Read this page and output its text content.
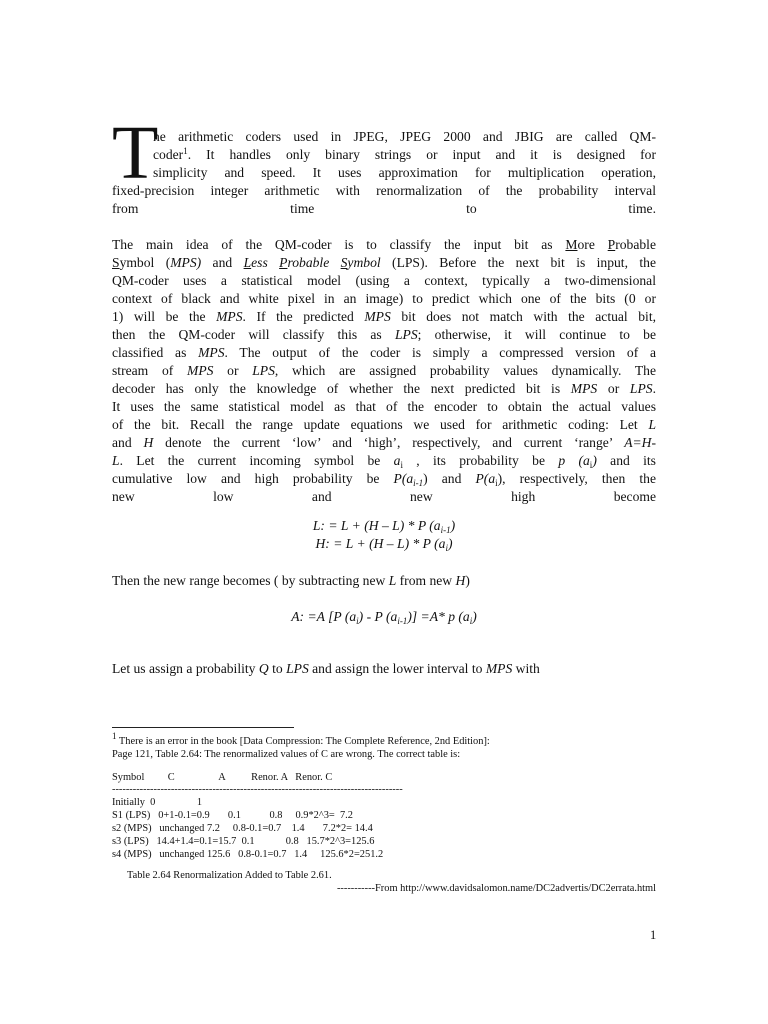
T
he arithmetic coders used in JPEG, JPEG 2000 and JBIG are called QM-
coder$^1$. It handles only binary strings or input and it is designed for
simplicity and speed. It uses approximation for multiplication operation,
fixed-precision integer arithmetic with renormalization of the probability interval
from time to time.
The main idea of the QM-coder is to classify the input bit as More Probable
Symbol (MPS) and Less Probable Symbol (LPS). Before the next bit is input, the
QM-coder uses a statistical model (using a context, typically a two-dimensional
context of black and white pixel in an image) to predict which one of the bits (0 or
1) will be the MPS. If the predicted MPS bit does not match with the actual bit,
then the QM-coder will classify this as LPS; otherwise, it will continue to be
classified as MPS. The output of the coder is simply a compressed version of a
stream of MPS or LPS, which are assigned probability values dynamically. The
decoder has only the knowledge of whether the next predicted bit is MPS or LPS.
It uses the same statistical model as that of the encoder to obtain the actual values
of the bit. Recall the range update equations we used for arithmetic coding: Let L
and H denote the current ‘low’ and ‘high’, respectively, and current ‘range’ A=H-
L. Let the current incoming symbol be $a_i$ , its probability be p $(a_i)$ and its
cumulative low and high probability be $P(a_{i-1})$ and $P(a_i)$, respectively, then the
new low and new high become
L: = L + (H – L) * P $(a_{i-1})$
H: = L + (H – L) * P $(a_i)$
Then the new range becomes ( by subtracting new L from new H)
A: =A [P $(a_i)$ - P $(a_{i-1})] =A*$ p $(a_i)$
Let us assign a probability Q to LPS and assign the lower interval to MPS with
$^1$ There is an error in the book [Data Compression: The Complete Reference, 2nd Edition]:
Page 121, Table 2.64: The renormalized values of C are wrong. The correct table is:
Symbol         C                 A          Renor. A   Renor. C
------------------------------------------------------------------------------------
Initially  0                1
S1 (LPS)   0+1-0.1=0.9       0.1           0.8     0.9*2^3=  7.2
s2 (MPS)   unchanged 7.2     0.8-0.1=0.7    1.4       7.2*2= 14.4
s3 (LPS)   14.4+1.4=0.1=15.7  0.1            0.8   15.7*2^3=125.6
s4 (MPS)   unchanged 125.6   0.8-0.1=0.7   1.4     125.6*2=251.2
Table 2.64 Renormalization Added to Table 2.61.
-----------From http://www.davidsalomon.name/DC2advertis/DC2errata.html
1
